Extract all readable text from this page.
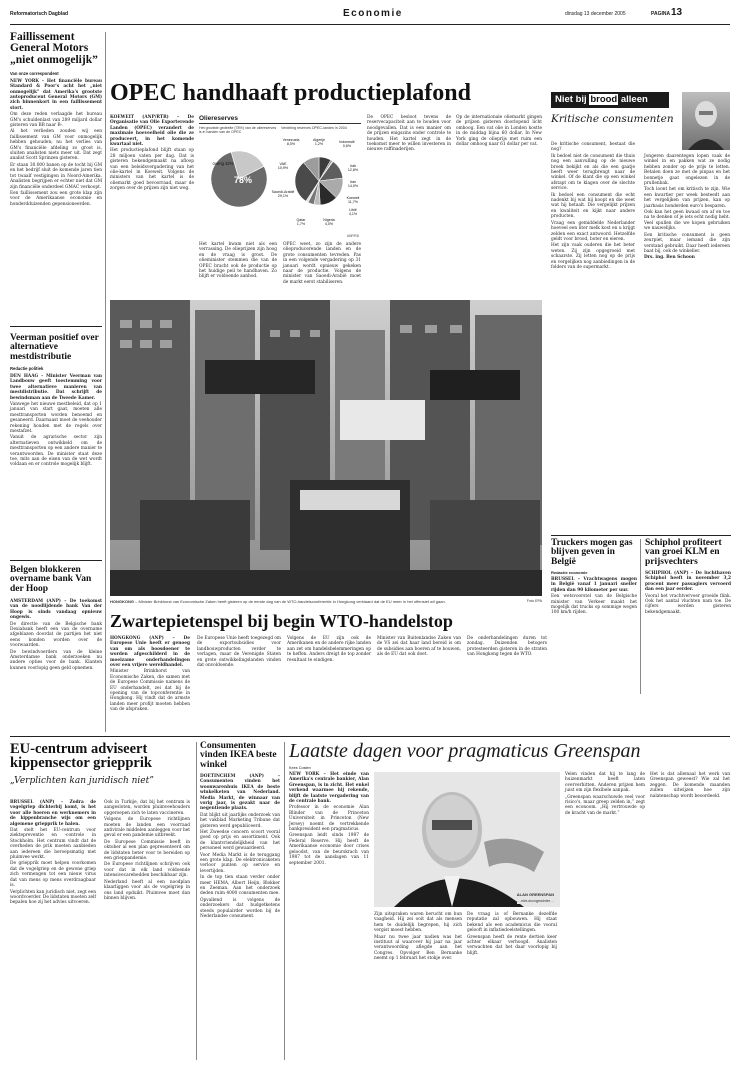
Reformatorisch Dagblad	Economie	dinsdag 13 december 2005	PAGINA 13
Faillissement
General Motors
„niet onmogelijk”
Van onze correspondent

NEW YORK – Het financiële bureau Standard & Poor's acht het „niet onmogelijk” dat Amerika's grootste autoproducent General Motors (GM) zich binnenkort in een faillissement stort.

Om deze reden verlaagde het bureau GM's schuldenlast van 289 miljard dollar gisteren van BB naar B-.

Al het verlieden zouden wij een faillissement van GM voor onmogelijk hebben gehouden; nu het verlies van GM's financiële afdeling zo groot is, sluiten analisten niets meer uit. Dat zegt analist Scott Sprinzen gisteren.

Er staan 30.000 banen op de tocht bij GM en het bedrijf sluit de komende jaren tien tot twaalf vestigingen in Noord-Amerika. Analisten begrijpen er echter niet dat GM zijn financiële onderdeel GMAC verkoopt.

Een faillissement zou een grote klap zijn voor de Amerikaanse economie en honderdduizenden gepensioneerden.

Veerman positief over alternatieve mestdistributie
Redactie politiek

DEN HAAG – Minister Veerman van Landbouw geeft toestemming voor twee alternatieve manieren van mestdistributie. Dat schrijft de bewindsman aan de Tweede Kamer.

Vanwege het nieuwe mestbeleid, dat op 1 januari van start gaat, moeten alle mesttransporten worden benoemd en gesaneerd. Daarnaast moet de veehouder rekening houden met de regels over mestafzet.

Vanuit de agrarische sector zijn alternatieven ontwikkeld om de mesttransporten op een andere manier te verantwoorden. De minister staat deze toe, mits aan de eisen van de wet wordt voldaan en er controle mogelijk blijft.

Belgen blokkeren overname bank Van der Hoop

AMSTERDAM (ANP) – De toekomst van de noodlijdende bank Van der Hoop is sinds vandaag opnieuw ongewis.

De directie van de Belgische bank Dexiabank heeft een van de overname afgeblazen doordat de partijen het niet eens konden worden over de voorwaarden.

De bewindvoerders van de kleine Amsterdamse bank onderzoeken nu andere opties voor de bank. Klanten kunnen voorlopig geen geld opnemen.

OPEC handhaaft productieplafond

KOEWEIT (ANP/RTR) – De Organisatie van Olie Exporterende Landen (OPEC) verandert de maximale hoeveelheid olie die ze produceert, in het komende kwartaal niet.

Het productieplafond blijft staan op 28 miljoen vaten per dag. Dat is gisteren bekendgemaakt na afloop van een beleidsvergadering van het olie-kartel in Koeweit. Volgens de ministers van het kartel is de oliemarkt goed bevoorraad, maar de zorgen over de prijzen zijn niet weg.

Oliereserves
Het grootste gedeelte (78%) van de oliereserves is in handen van de OPEC
Verdeling reserves OPEC-landen in 2004
78%
overig 22%
Venezuela
8,0%
Algerije
1,2%
Indonesië
0,6%
Irak
12,8%
Iran
14,0%
Koeweit
11,7%
Libië
4,1%
Nigeria
4,0%
Qatar
1,7%
Saoedi-Arabië
29,1%
VAE
10,9%
ANP/RD

Het kartel kwam niet als een verrassing. De olieprijzen zijn hoog en de vraag is groot. De olieminister stemmen die van de OPEC bracht ook de productie op het huidige peil te handhaven. Zo blijft er voldoende aanbod.

OPEC weet, zo zijn de andere olieproducerende landen en de grote consumenten tevreden. Pas in een volgende vergadering op 31 januari wordt opnieuw gekeken naar de productie. Volgens de minister van Saoedi-Arabië moet de markt eerst stabiliseren.

De OPEC besloot tevens de reservecapaciteit aan te houden voor noodgevallen. Dat is een manier om de prijzen enigszins onder controle te houden. Het kartel zegt in de toekomst meer te willen investeren in nieuwe raffinaderijen.

Op de internationale oliemarkt gingen de prijzen gisteren doorlopend licht omhoog. Een vat olie in Londen kostte in de middag bijna 60 dollar. In New York ging de olieprijs met ruim een dollar omhoog naar 61 dollar per vat.

Niet bij brood alleen
Kritische consumenten

De kritische consument, bestaat die nog?

Ik bedoel niet de consument die thuis nog een aanvulling op de nieuwe broek bekijkt en als die een gaatje heeft weer terugbrengt naar de winkel. Of de klant die op een winkel afstapt om te klagen over de slechte service.

Ik bedoel een consument die echt nadenkt bij wat hij koopt en die weet wat hij betaalt. Die vergelijkt prijzen en kwaliteit en kijkt naar andere producten.

Vraag een gemiddelde Nederlander hoeveel een liter melk kost en u krijgt zelden een exact antwoord. Hetzelfde geldt voor brood, boter en eieren.

Het zijn vaak ouderen die het beter weten. Zij zijn opgegroeid met schaarste. Zij letten nog op de prijs en vergelijken nog aanbiedingen in de folders van de supermarkt.

Jongeren daarentegen lopen vaak de winkel in en pakken wat ze nodig hebben zonder op de prijs te letten. Betalen doen ze met de pinpas en het bonnetje gaat ongelezen in de prullenbak.

Toch loont het om kritisch te zijn. Wie een kwartier per week besteedt aan het vergelijken van prijzen, kan op jaarbasis honderden euro's besparen.

Ook kan het geen kwaad om af en toe na te denken of je iets echt nodig hebt. Veel spullen die we kopen gebruiken we nauwelijks.

Een kritische consument is geen zeurpiet, maar iemand die zijn verstand gebruikt. Daar heeft iedereen baat bij, ook de winkelier.

Drs. ing. Ben Schoon

HONGKONG – Minister Brinkhorst van Economische Zaken heeft gisteren op de eerste dag van de WTO-handelsconferentie in Hongkong verklaard dat de EU meer in het offensief wil gaan.	Foto EPA
Truckers mogen gas blijven geven in België
Redactie economie

BRUSSEL – Vrachtwagens mogen in België vanaf 1 januari sneller rijden dan 90 kilometer per uur.

Een wetsvoorstel van de Belgische minister van Verkeer maakt het mogelijk dat trucks op sommige wegen 100 km/h rijden.

Schiphol profiteert van groei KLM en prijsvechters

SCHIPHOL (ANP) – De luchthaven Schiphol heeft in november 3,2 procent meer passagiers vervoerd dan een jaar eerder.

Vooral het vrachtvervoer groeide flink. Ook het aantal vluchten nam toe. De cijfers werden gisteren bekendgemaakt.

Zwartepietenspel bij begin WTO-handelstop

HONGKONG (ANP) – De Europese Unie heeft er genoeg van om als boosdoener te worden afgeschilderd in de moeizame onderhandelingen over een vrijere wereldhandel.

Minister Brinkhorst van Economische Zaken, die samen met de Europese Commissie namens de EU onderhandelt, zei dat bij de opening van de topconferentie in Hongkong. Hij vindt dat de armste landen meer profijt moeten hebben van de afspraken.

De Europese Unie heeft toegezegd om de exportsubsidies voor landbouwproducten verder te verlagen, maar de Verenigde Staten en grote ontwikkelingslanden vinden dat onvoldoende.

Volgens de EU zijn ook de Amerikanen en de andere rijke landen aan zet om handelsbelemmeringen op te heffen. Anders dreigt de top zonder resultaat te eindigen.

Minister van Buitenlandse Zaken van de VS zei dat haar land bereid is om de subsidies aan boeren af te bouwen, als de EU dat ook doet.

De onderhandelingen duren tot zondag. Duizenden betogers protesteerden gisteren in de straten van Hongkong tegen de WTO.

EU-centrum adviseert kippensector griepprik
„Verplichten kan juridisch niet”

BRUSSEL (ANP) – Zodra de vogelgriep dichterbij komt, is het voor alle boeren en werknemers in de kippenbranche wijs om een algemene griepprik te halen.

Dat stelt het EU-centrum voor ziektepreventie en -controle in Stockholm. Het centrum vindt dat de overheden de prik moeten aanbieden aan iedereen die beroepsmatig met pluimvee werkt.

De griepprik moet helpen voorkomen dat de vogelgriep en de gewone griep zich vermengen tot een nieuw virus dat van mens op mens overdraagbaar is.

Verplichten kan juridisch niet, zegt een woordvoerder. De lidstaten moeten zelf bepalen hoe zij het advies uitvoeren.

Ook in Turkije, dat bij het centrum is aangesloten, worden pluimveehouders opgeroepen zich te laten vaccineren.

Volgens de Europese richtlijnen moeten de landen een voorraad antivirale middelen aanleggen voor het geval er een pandemie uitbreekt.

De Europese Commissie heeft in oktober al een plan gepresenteerd om de lidstaten beter voor te bereiden op een grieppandemie.

De Europese richtlijnen schrijven ook voor dat in elk land voldoende intensivecarebedden beschikbaar zijn.

Nederland heeft al een noodplan klaarliggen voor als de vogelgriep in ons land opduikt. Pluimvee moet dan binnen blijven.

Consumenten vinden IKEA beste winkel

DOETINCHEM (ANP) – Consumenten vinden het woonwarenhuis IKEA de beste winkelketen van Nederland. Media Markt, de winnaar van vorig jaar, is gezakt naar de negentiende plaats.

Dat blijkt uit jaarlijks onderzoek van het vakblad Marketing Tribune dat gisteren werd gepubliceerd.

Het Zweedse concern scoort vooral goed op prijs en assortiment. Ook de klantvriendelijkheid van het personeel werd gewaardeerd.

Voor Media Markt is de teruggang een grote klap. De elektronicaketen verloor punten op service en levertijden.

In de top tien staan verder onder meer HEMA, Albert Heijn, Blokker en Zeeman. Aan het onderzoek deden ruim 4000 consumenten mee.

Opvallend is volgens de onderzoekers dat budgetketens steeds populairder worden bij de Nederlandse consument.

Laatste dagen voor pragmaticus Greenspan
Kees Costen

NEW YORK – Het einde van Amerika's centrale bankier, Alan Greenspan, is in zicht. Het enkel verkend waarmee hij rekende, blijft de laatste vergadering van de centrale bank.

Professor in de economie Alan Blinder van de Princeton Universiteit in Princeton (New Jersey) noemt de vertrekkende bankpresident een pragmaticus.

Greenspan leidt sinds 1987 de Federal Reserve. Hij heeft de Amerikaanse economie door crises geloodst, van de beurskrach van 1987 tot de aanslagen van 11 september 2001.

ALAN GREENSPAN
…niet-doorgewinter…

Zijn uitspraken waren berucht om hun vaagheid. Hij zei ooit dat als mensen hem te duidelijk begrepen, hij zich vergist moest hebben.

Maar nu twee jaar nadien was het instituut al waarover hij jaar na jaar verantwoording aflegde aan het Congres. Opvolger Ben Bernanke neemt op 1 februari het stokje over.

De vraag is of Bernanke dezelfde reputatie zal opbouwen. Hij staat bekend als een academicus die vooral gelooft in inflatiedoelstellingen.

Greenspan heeft de rente dertien keer achter elkaar verhoogd. Analisten verwachten dat het daar voorlopig bij blijft.

Velen vinden dat hij te lang de huizenmarkt heeft laten oververhitten. Anderen prijzen hem juist om zijn flexibele aanpak.

„Greenspan waarschuwde veel voor risico's, maar greep zelden in,” zegt een econoom. „Hij vertrouwde op de kracht van de markt.”

Het is dat allemaal het werk van Greenspan geweest? Wie zal het zeggen. De komende maanden zullen uitwijzen hoe zijn nalatenschap wordt beoordeeld.
